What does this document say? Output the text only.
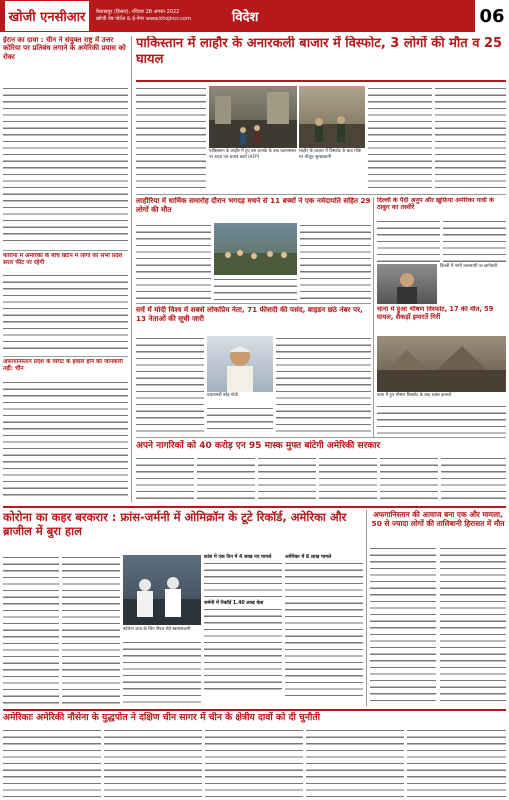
खोजी एनसीआर	वैशाखपुर (हिसार), रविवार 28 अगस्त 2022
ख़ोजी वेब पोर्टल & ई-पेपर www.khojincr.com	विदेश	06
ईरान का दावा : चीन ने संयुक्त राष्ट्र में उत्तर कोरिया पर प्रतिबंध लगाने के अमेरिकी प्रयास को रोका
कोरोना में अमेरिकी के बीच ब्रिटेन में लोगों को सभी प्रदेश सत्तर फीट पर रहेगी
अफगानिस्तान प्रदेश के विराट के हवाले होने की जानकारी नहीं: चीन
पाकिस्तान में लाहौर के अनारकली बाजार में विस्फोट, 3 लोगों की मौत व 25 घायल
पाकिस्तान के लाहौर में हुए बम धमाके के बाद घटनास्थल पर राहत एवं बचाव कार्य (AFP)
लाहौर के बाज़ार में विस्फोट के बाद मौके पर मौजूद सुरक्षाकर्मी
लाहौरिया में धार्मिक समारोह दौरान भगदड़ मचने से 11 बच्चों ने एक नर्मदापति सहित 29 लोगों की मौत
दिल्ली के पैदी अनुप और ख़ुफ़िया अमेरिका यात्री के ठाकुर का तस्वीरें
दिल्ली में नामी व्यवसायी पर छापेमारी
सर्वे में मोदी विश्व में सबसे लोकप्रिय नेता, 71 फीसदी की पसंद, बाइडन छठे नंबर पर, 13 नेताओं की सूची जारी
प्रधानमंत्री नरेंद्र मोदी
चाना में हुआ भीषण विस्फोट, 17 की मौत, 59 घायल, सैकड़ों इमारतें गिरीं
घाना में हुए भीषण विस्फोट के बाद ध्वस्त इमारतें
अपने नागरिकों को 40 करोड़ एन 95 मास्क मुफ्त बांटेगी अमेरिकी सरकार
कोरोना का कहर बरकरार : फ्रांस-जर्मनी में ओमिक्रॉन के टूटे रिकॉर्ड, अमेरिका और ब्राजील में बुरा हाल
कोरोना जांच के लिए सैंपल लेते स्वास्थ्यकर्मी
फ्रांस में एक दिन में 4 लाख नए मामले
जर्मनी में रिकॉर्ड 1.40 लाख केस
अमेरिका में 8 लाख मामले
अफगानिस्तान की आवाज बना एक और मामला, 50 से ज्यादा लोगों की तालिबानी हिरासत में मौत
अमेरिकाः अमेरिकी नौसेना के युद्धपोत ने दक्षिण चीन सागर में चीन के क्षेत्रीय दावों को दी चुनौती
